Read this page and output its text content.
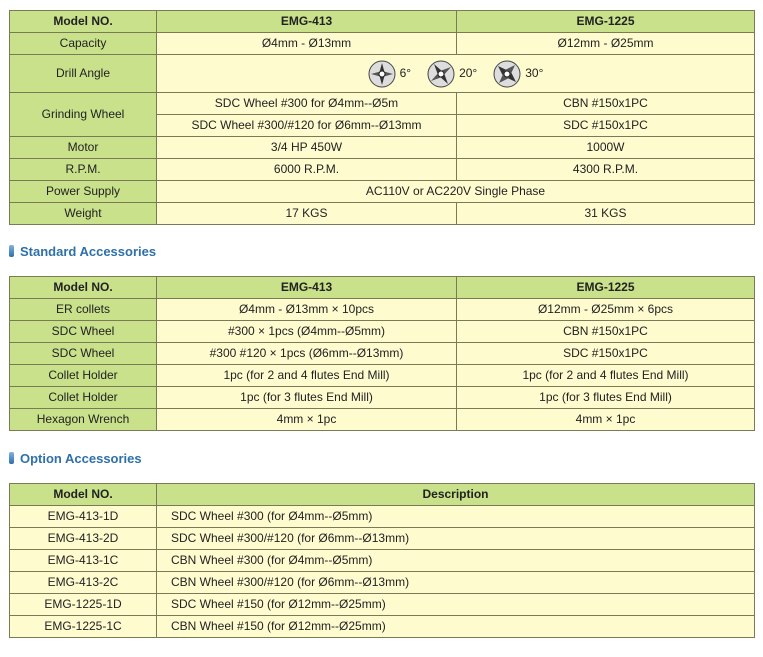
Model NO.	EMG-413	EMG-1225
Capacity	Ø4mm - Ø13mm	Ø12mm - Ø25mm
Drill Angle	6° 20° 30°	

Grinding Wheel	SDC Wheel #300 for Ø4mm--Ø5m	CBN #150x1PC
	SDC Wheel #300/#120 for Ø6mm--Ø13mm	SDC #150x1PC
Motor	3/4 HP 450W	1000W
R.P.M.	6000 R.P.M.	4300 R.P.M.
Power Supply	AC110V or AC220V Single Phase	
Weight	17 KGS	31 KGS
Standard Accessories
Model NO.	EMG-413	EMG-1225
ER collets	Ø4mm - Ø13mm × 10pcs	Ø12mm - Ø25mm × 6pcs
SDC Wheel	#300 × 1pcs (Ø4mm--Ø5mm)	CBN #150x1PC
SDC Wheel	#300 #120 × 1pcs (Ø6mm--Ø13mm)	SDC #150x1PC
Collet Holder	1pc (for 2 and 4 flutes End Mill)	1pc (for 2 and 4 flutes End Mill)
Collet Holder	1pc (for 3 flutes End Mill)	1pc (for 3 flutes End Mill)
Hexagon Wrench	4mm × 1pc	4mm × 1pc
Option Accessories
Model NO.	Description
EMG-413-1D	SDC Wheel #300 (for Ø4mm--Ø5mm)
EMG-413-2D	SDC Wheel #300/#120 (for Ø6mm--Ø13mm)
EMG-413-1C	CBN Wheel #300 (for Ø4mm--Ø5mm)
EMG-413-2C	CBN Wheel #300/#120 (for Ø6mm--Ø13mm)
EMG-1225-1D	SDC Wheel #150 (for Ø12mm--Ø25mm)
EMG-1225-1C	CBN Wheel #150 (for Ø12mm--Ø25mm)
